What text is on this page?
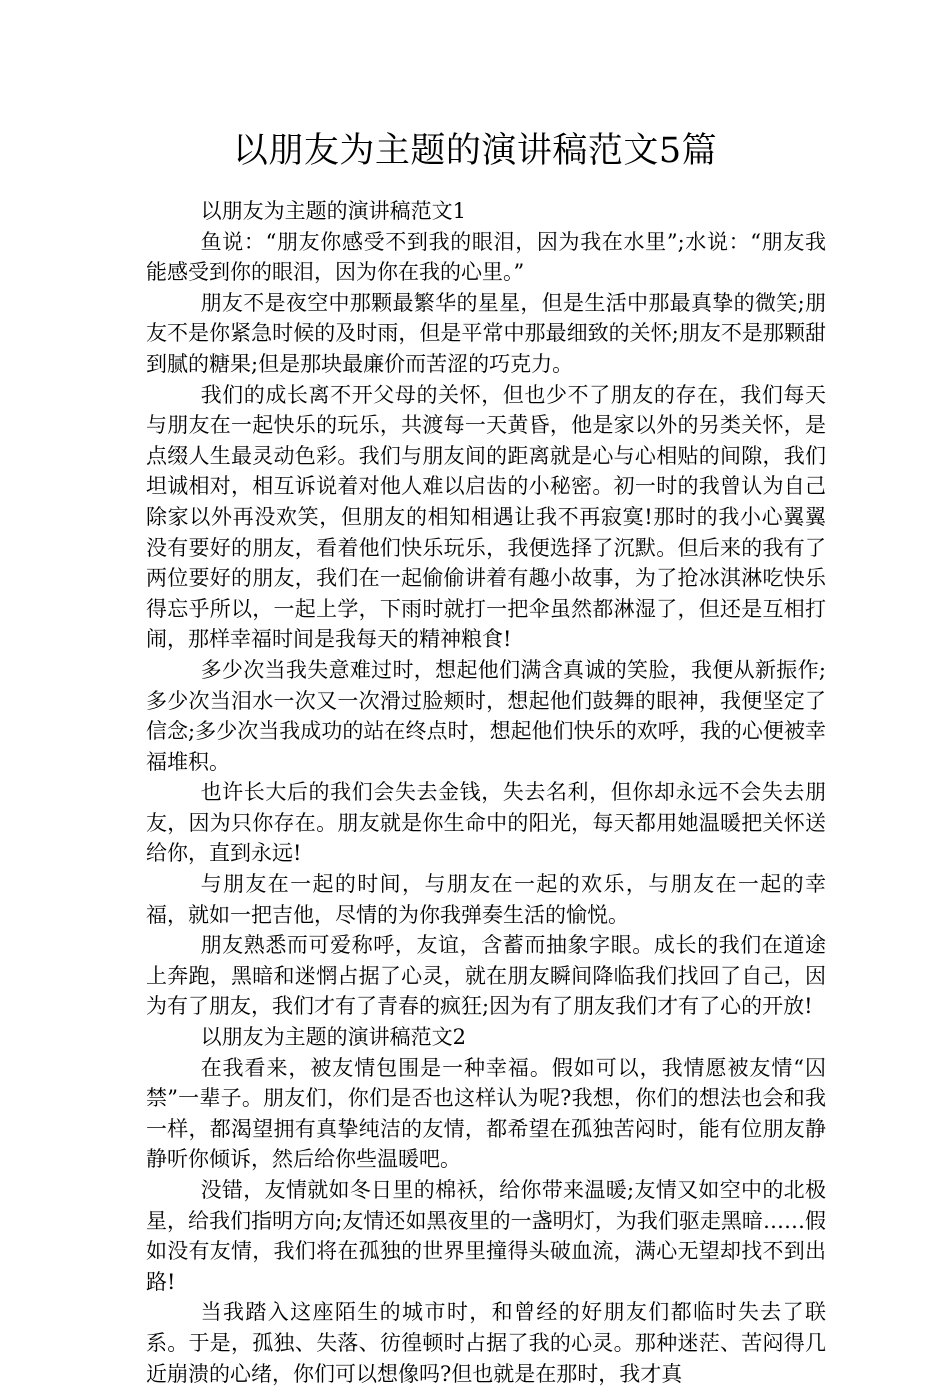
以朋友为主题的演讲稿范文5篇

以朋友为主题的演讲稿范文1

鱼说：“朋友你感受不到我的眼泪，因为我在水里”;水说：“朋友我能感受到你的眼泪，因为你在我的心里。”

朋友不是夜空中那颗最繁华的星星，但是生活中那最真挚的微笑;朋友不是你紧急时候的及时雨，但是平常中那最细致的关怀;朋友不是那颗甜到腻的糖果;但是那块最廉价而苦涩的巧克力。

我们的成长离不开父母的关怀，但也少不了朋友的存在，我们每天与朋友在一起快乐的玩乐，共渡每一天黄昏，他是家以外的另类关怀，是点缀人生最灵动色彩。我们与朋友间的距离就是心与心相贴的间隙，我们坦诚相对，相互诉说着对他人难以启齿的小秘密。初一时的我曾认为自己除家以外再没欢笑，但朋友的相知相遇让我不再寂寞!那时的我小心翼翼没有要好的朋友，看着他们快乐玩乐，我便选择了沉默。但后来的我有了两位要好的朋友，我们在一起偷偷讲着有趣小故事，为了抢冰淇淋吃快乐得忘乎所以，一起上学，下雨时就打一把伞虽然都淋湿了，但还是互相打闹，那样幸福时间是我每天的精神粮食!

多少次当我失意难过时，想起他们满含真诚的笑脸，我便从新振作;多少次当泪水一次又一次滑过脸颊时，想起他们鼓舞的眼神，我便坚定了信念;多少次当我成功的站在终点时，想起他们快乐的欢呼，我的心便被幸福堆积。

也许长大后的我们会失去金钱，失去名利，但你却永远不会失去朋友，因为只你存在。朋友就是你生命中的阳光，每天都用她温暖把关怀送给你，直到永远!

与朋友在一起的时间，与朋友在一起的欢乐，与朋友在一起的幸福，就如一把吉他，尽情的为你我弹奏生活的愉悦。

朋友熟悉而可爱称呼，友谊，含蓄而抽象字眼。成长的我们在道途上奔跑，黑暗和迷惘占据了心灵，就在朋友瞬间降临我们找回了自己，因为有了朋友，我们才有了青春的疯狂;因为有了朋友我们才有了心的开放!

以朋友为主题的演讲稿范文2

在我看来，被友情包围是一种幸福。假如可以，我情愿被友情“囚禁”一辈子。朋友们，你们是否也这样认为呢?我想，你们的想法也会和我一样，都渴望拥有真挚纯洁的友情，都希望在孤独苦闷时，能有位朋友静静听你倾诉，然后给你些温暖吧。

没错，友情就如冬日里的棉袄，给你带来温暖;友情又如空中的北极星，给我们指明方向;友情还如黑夜里的一盏明灯，为我们驱走黑暗……假如没有友情，我们将在孤独的世界里撞得头破血流，满心无望却找不到出路!

当我踏入这座陌生的城市时，和曾经的好朋友们都临时失去了联系。于是，孤独、失落、彷徨顿时占据了我的心灵。那种迷茫、苦闷得几近崩溃的心绪，你们可以想像吗?但也就是在那时，我才真
